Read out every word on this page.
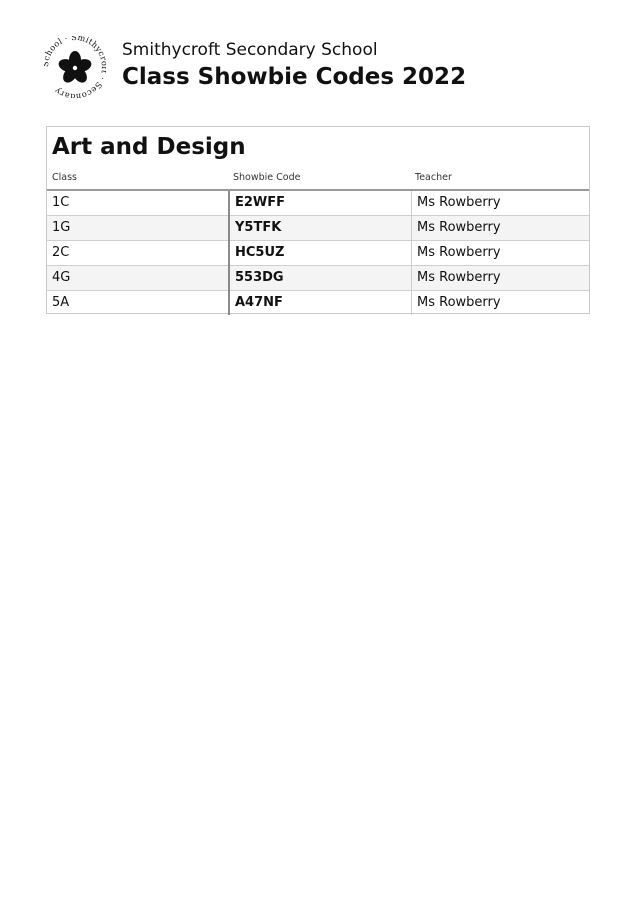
hool · Smithy Secondary
Smithycroft Secondary School
Class Showbie Codes 2022
Art and Design
Class	Showbie Code	Teacher
1C	E2WFF	Ms Rowberry
1G	Y5TFK	Ms Rowberry
2C	HC5UZ	Ms Rowberry
4G	553DG	Ms Rowberry
5A	A47NF	Ms Rowberry
